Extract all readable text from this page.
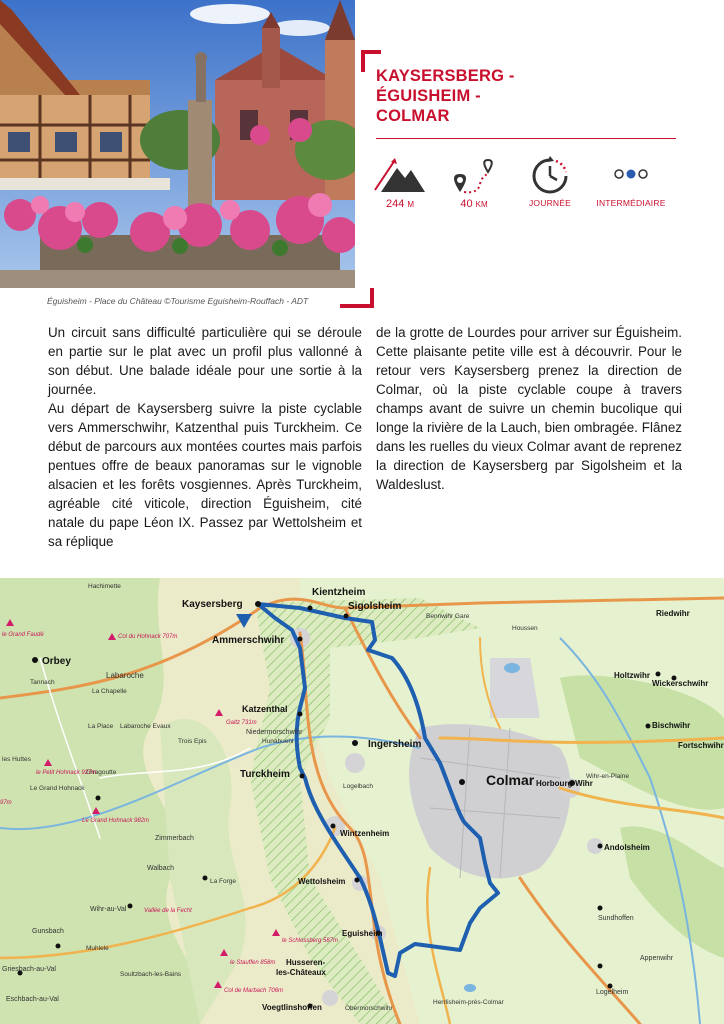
Éguisheim - Place du Château ©Tourisme Eguisheim-Rouffach - ADT
KAYSERSBERG -
ÉGUISHEIM -
COLMAR
244 M	40 KM	JOURNÉE	INTERMÉDIAIRE

Un circuit sans difficulté particulière qui se déroule en partie sur le plat avec un profil plus vallonné à son début. Une balade idéale pour une sortie à la journée.

Au départ de Kaysersberg suivre la piste cyclable vers Ammerschwihr, Katzenthal puis Turckheim. Ce début de parcours aux montées courtes mais parfois pentues offre de beaux panoramas sur le vignoble alsacien et les forêts vosgiennes. Après Turckheim, agréable cité viticole, direction Éguisheim, cité natale du pape Léon IX. Passez par Wettolsheim et sa réplique

de la grotte de Lourdes pour arriver sur Éguisheim. Cette plaisante petite ville est à découvrir. Pour le retour vers Kaysersberg prenez la direction de Colmar, où la piste cyclable coupe à travers champs avant de suivre un chemin bucolique qui longe la rivière de la Lauch, bien ombragée. Flânez dans les ruelles du vieux Colmar avant de reprenez la direction de Kaysersberg par Sigolsheim et la Waldeslust.

Kaysersberg
Kientzheim
Sigolsheim
Ammerschwihr
Orbey
Katzenthal
Ingersheim
Colmar
Turckheim
Wintzenheim
Wettolsheim
Eguisheim
Husseren-
les-Châteaux
Voegtlinshoffen
Riedwihr
Holtzwihr
Wickerschwihr
Bischwihr
Fortschwihr
Horbourg-Wihr
Andolsheim
Houssen
Hachimette
Labaroche
Tannach
La Chapelle
La Place Labaroche Evaux
Trois Epis
Niedermorschwihr
Hunabuehl
Giragoutte
Le Grand Hohnack
les Huttes
Logelbach
Zimmerbach
Walbach
La Forge
Wihr-au-Val
Gunsbach
Muhlele
Griesbach-au-Val
Soultzbach-les-Bains
Eschbach-au-Val
Obermorschwihr
Herrlisheim-près-Colmar
Sundhoffen
Appenwihr
Logelheim
Wihr-en-Plaine
Bennwihr Gare
le Grand Faudé	Col du Hohnack 707m
Galtz 731m
le Petit Hohnack 927m
Le Grand Hohnack 982m
le Schlossberg 587m
le Stauffen 858m
Col de Marbach 706m
Vallée de la Fecht
97m
